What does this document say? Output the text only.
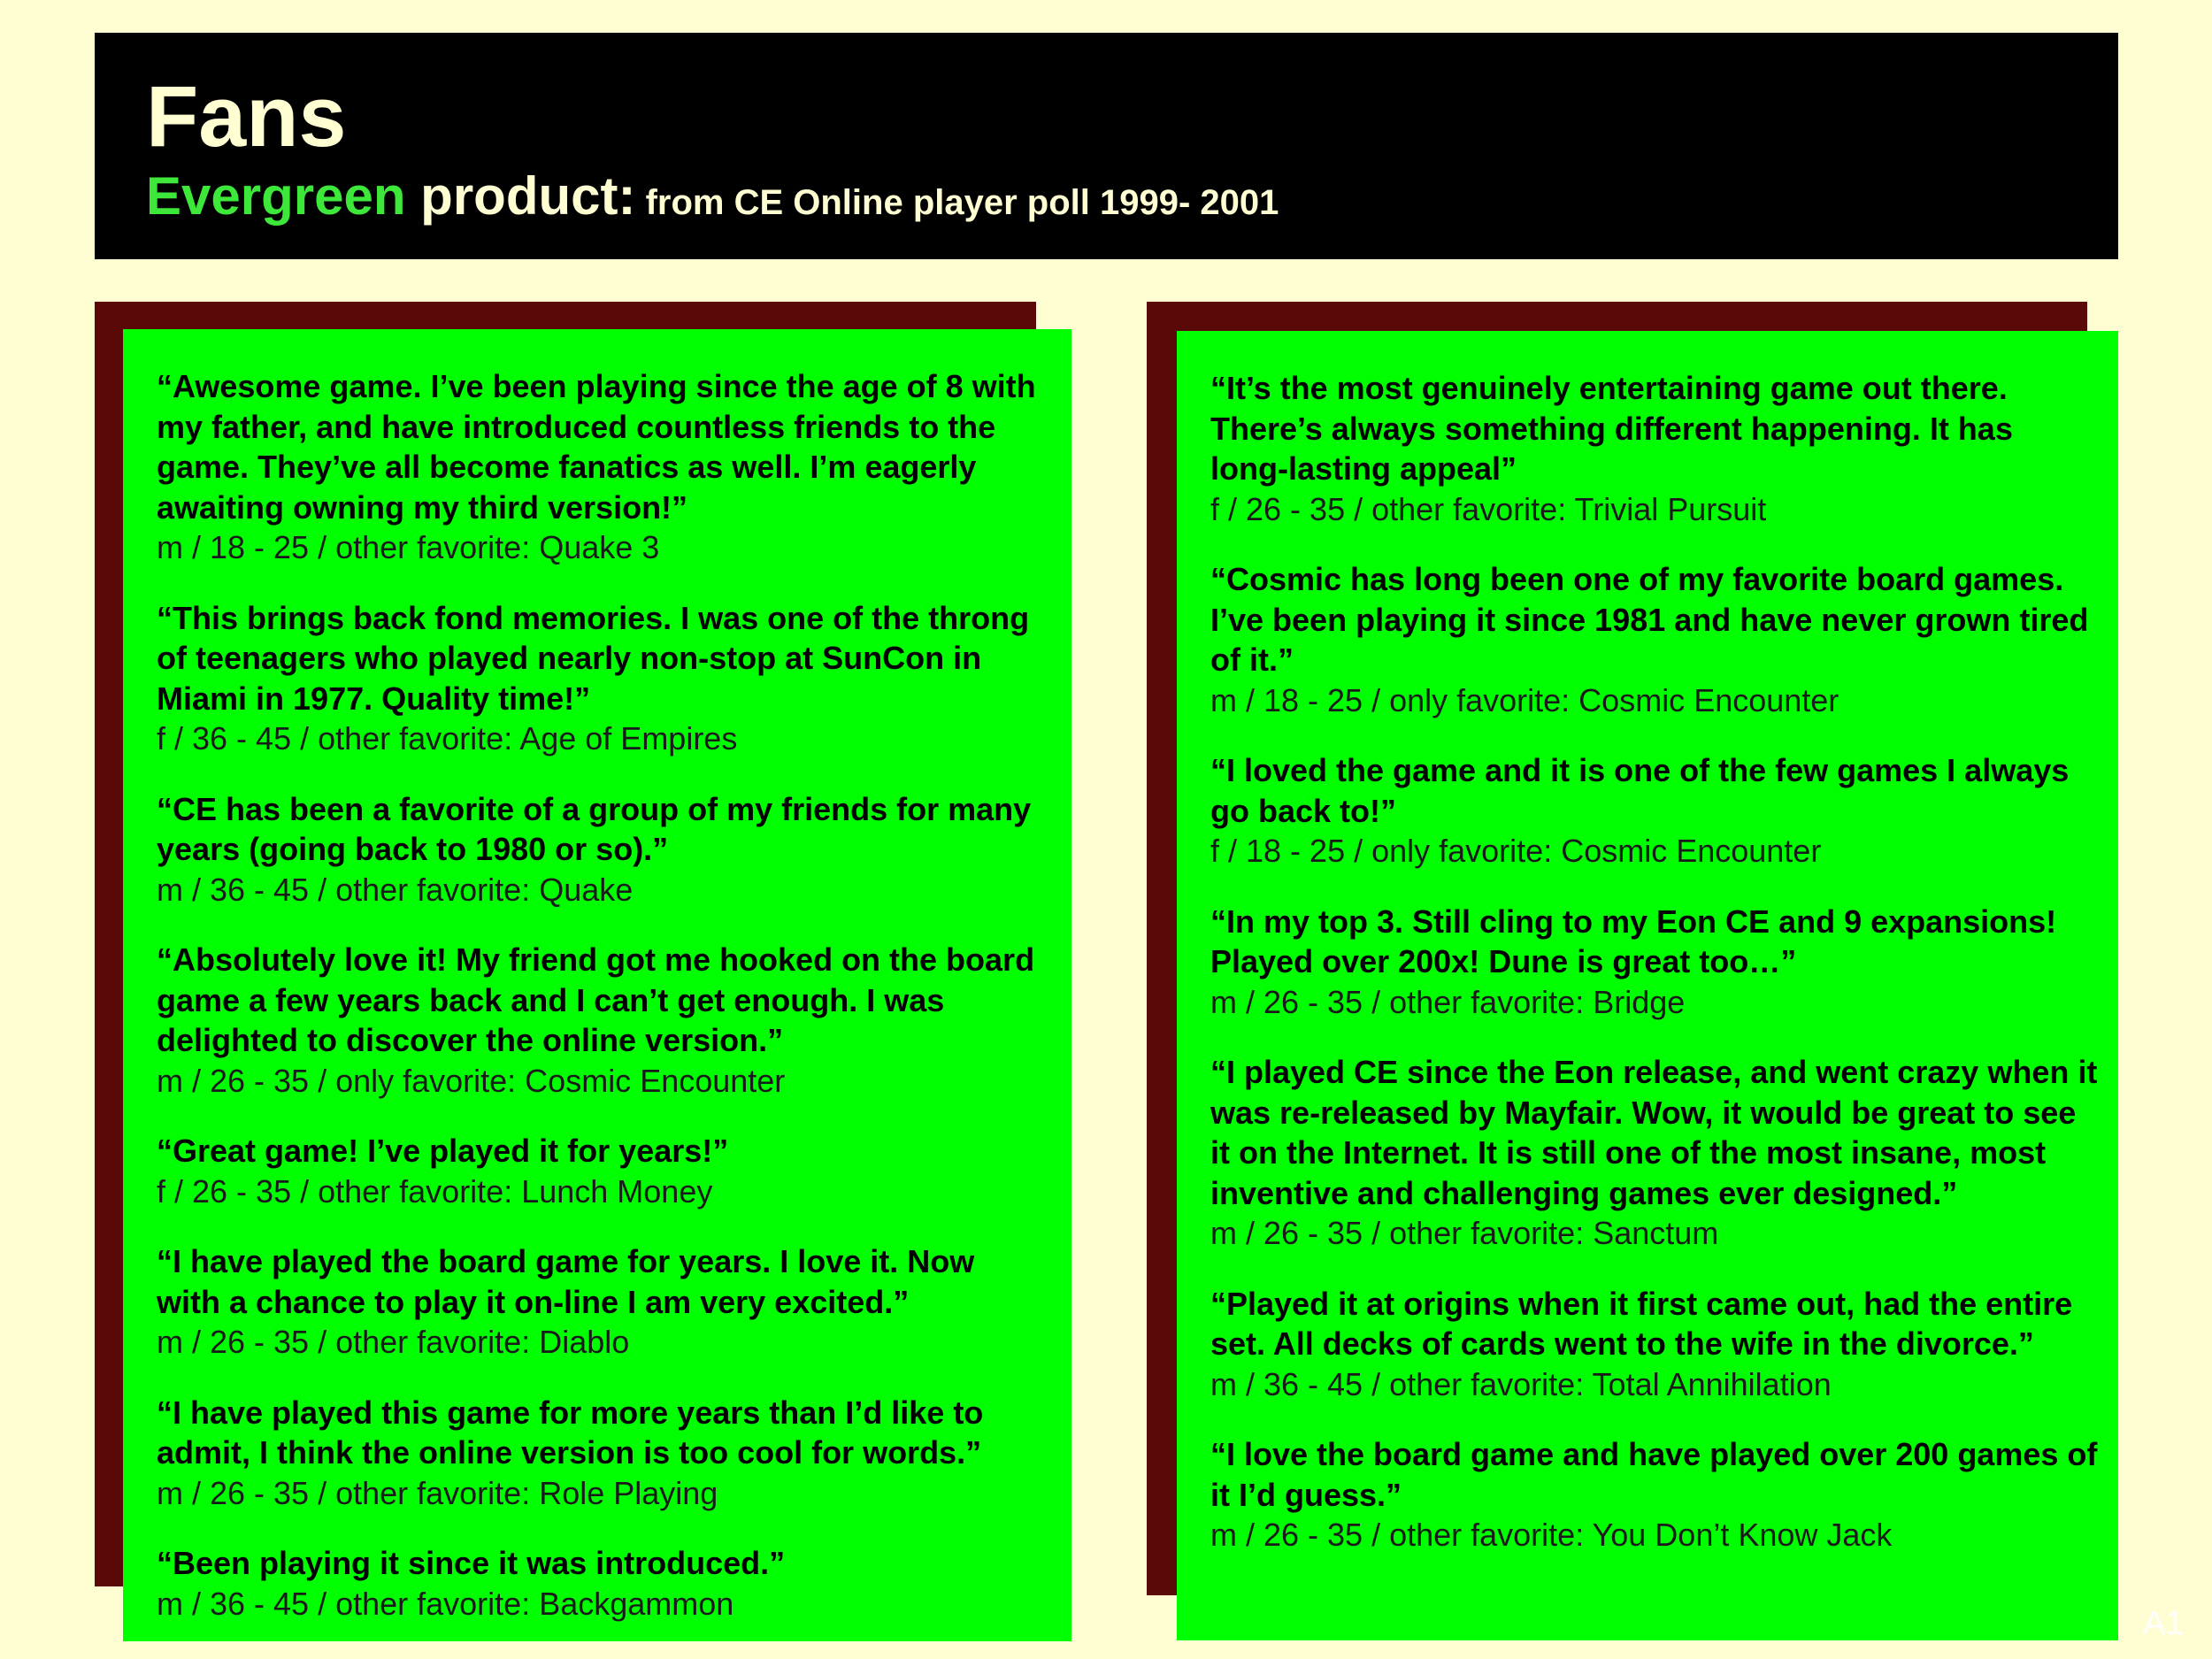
Fans
Evergreen product: from CE Online player poll 1999- 2001
“Awesome game. I’ve been playing since the age of 8 with my father, and have introduced countless friends to the game. They’ve all become fanatics as well. I’m eagerly awaiting owning my third version!”
m / 18 - 25 / other favorite: Quake 3
“This brings back fond memories. I was one of the throng of teenagers who played nearly non-stop at SunCon in Miami in 1977. Quality time!”
f / 36 - 45 / other favorite: Age of Empires
“CE has been a favorite of a group of my friends for many years (going back to 1980 or so).”
m / 36 - 45 / other favorite: Quake
“Absolutely love it! My friend got me hooked on the board game a few years back and I can’t get enough. I was delighted to discover the online version.”
m / 26 - 35 / only favorite: Cosmic Encounter
“Great game! I’ve played it for years!”
f / 26 - 35 / other favorite: Lunch Money
“I have played the board game for years. I love it. Now with a chance to play it on-line I am very excited.”
m / 26 - 35 / other favorite: Diablo
“I have played this game for more years than I’d like to admit, I think the online version is too cool for words.”
m / 26 - 35 / other favorite: Role Playing
“Been playing it since it was introduced.”
m / 36 - 45 / other favorite: Backgammon
“It’s the most genuinely entertaining game out there. There’s always something different happening. It has long-lasting appeal”
f / 26 - 35 / other favorite: Trivial Pursuit
“Cosmic has long been one of my favorite board games. I’ve been playing it since 1981 and have never grown tired of it.”
m / 18 - 25 / only favorite: Cosmic Encounter
“I loved the game and it is one of the few games I always go back to!”
f / 18 - 25 / only favorite: Cosmic Encounter
“In my top 3. Still cling to my Eon CE and 9 expansions! Played over 200x! Dune is great too…”
m / 26 - 35 / other favorite: Bridge
“I played CE since the Eon release, and went crazy when it was re-released by Mayfair. Wow, it would be great to see it on the Internet. It is still one of the most insane, most inventive and challenging games ever designed.”
m / 26 - 35 / other favorite: Sanctum
“Played it at origins when it first came out, had the entire set. All decks of cards went to the wife in the divorce.”
m / 36 - 45 / other favorite: Total Annihilation
“I love the board game and have played over 200 games of it I’d guess.”
m / 26 - 35 / other favorite: You Don’t Know Jack
A1
